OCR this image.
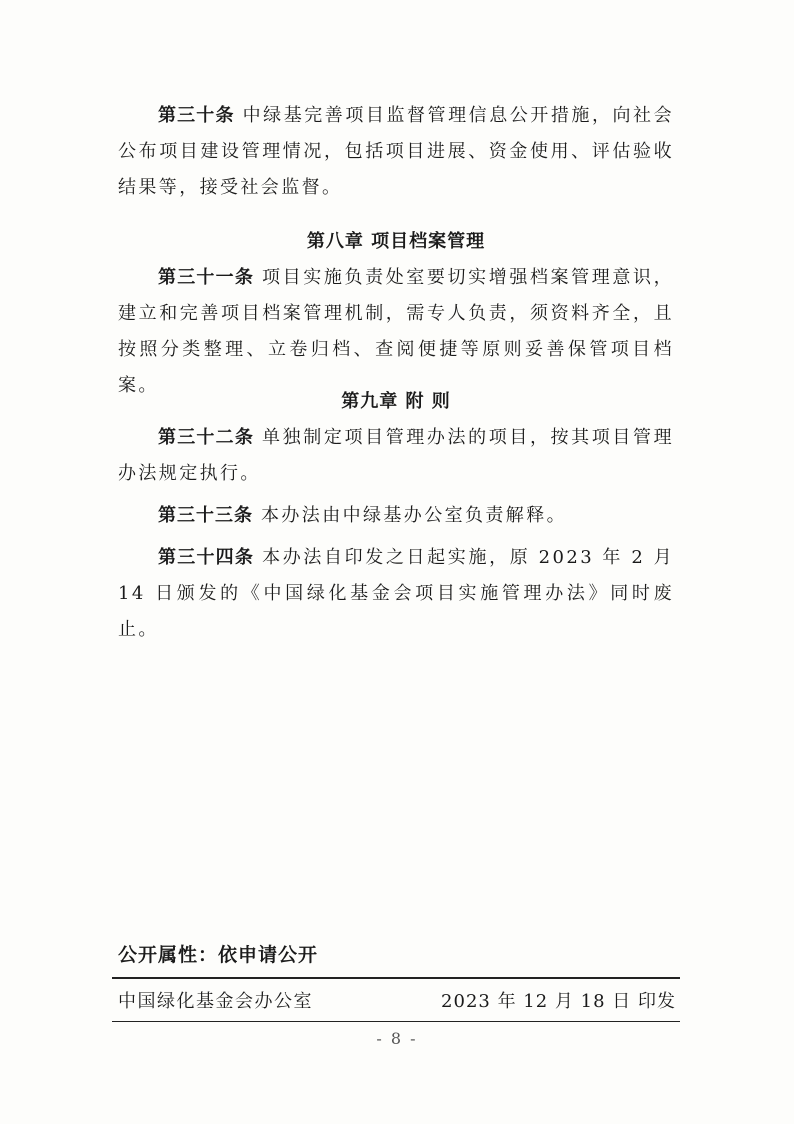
第三十条 中绿基完善项目监督管理信息公开措施，向社会公布项目建设管理情况，包括项目进展、资金使用、评估验收结果等，接受社会监督。

第八章 项目档案管理

第三十一条 项目实施负责处室要切实增强档案管理意识，建立和完善项目档案管理机制，需专人负责，须资料齐全，且按照分类整理、立卷归档、查阅便捷等原则妥善保管项目档案。

第九章 附 则

第三十二条 单独制定项目管理办法的项目，按其项目管理办法规定执行。

第三十三条 本办法由中绿基办公室负责解释。

第三十四条 本办法自印发之日起实施，原 2023 年 2 月 14 日颁发的《中国绿化基金会项目实施管理办法》同时废止。

公开属性：依申请公开
中国绿化基金会办公室	2023 年 12 月 18 日 印发
- 8 -
